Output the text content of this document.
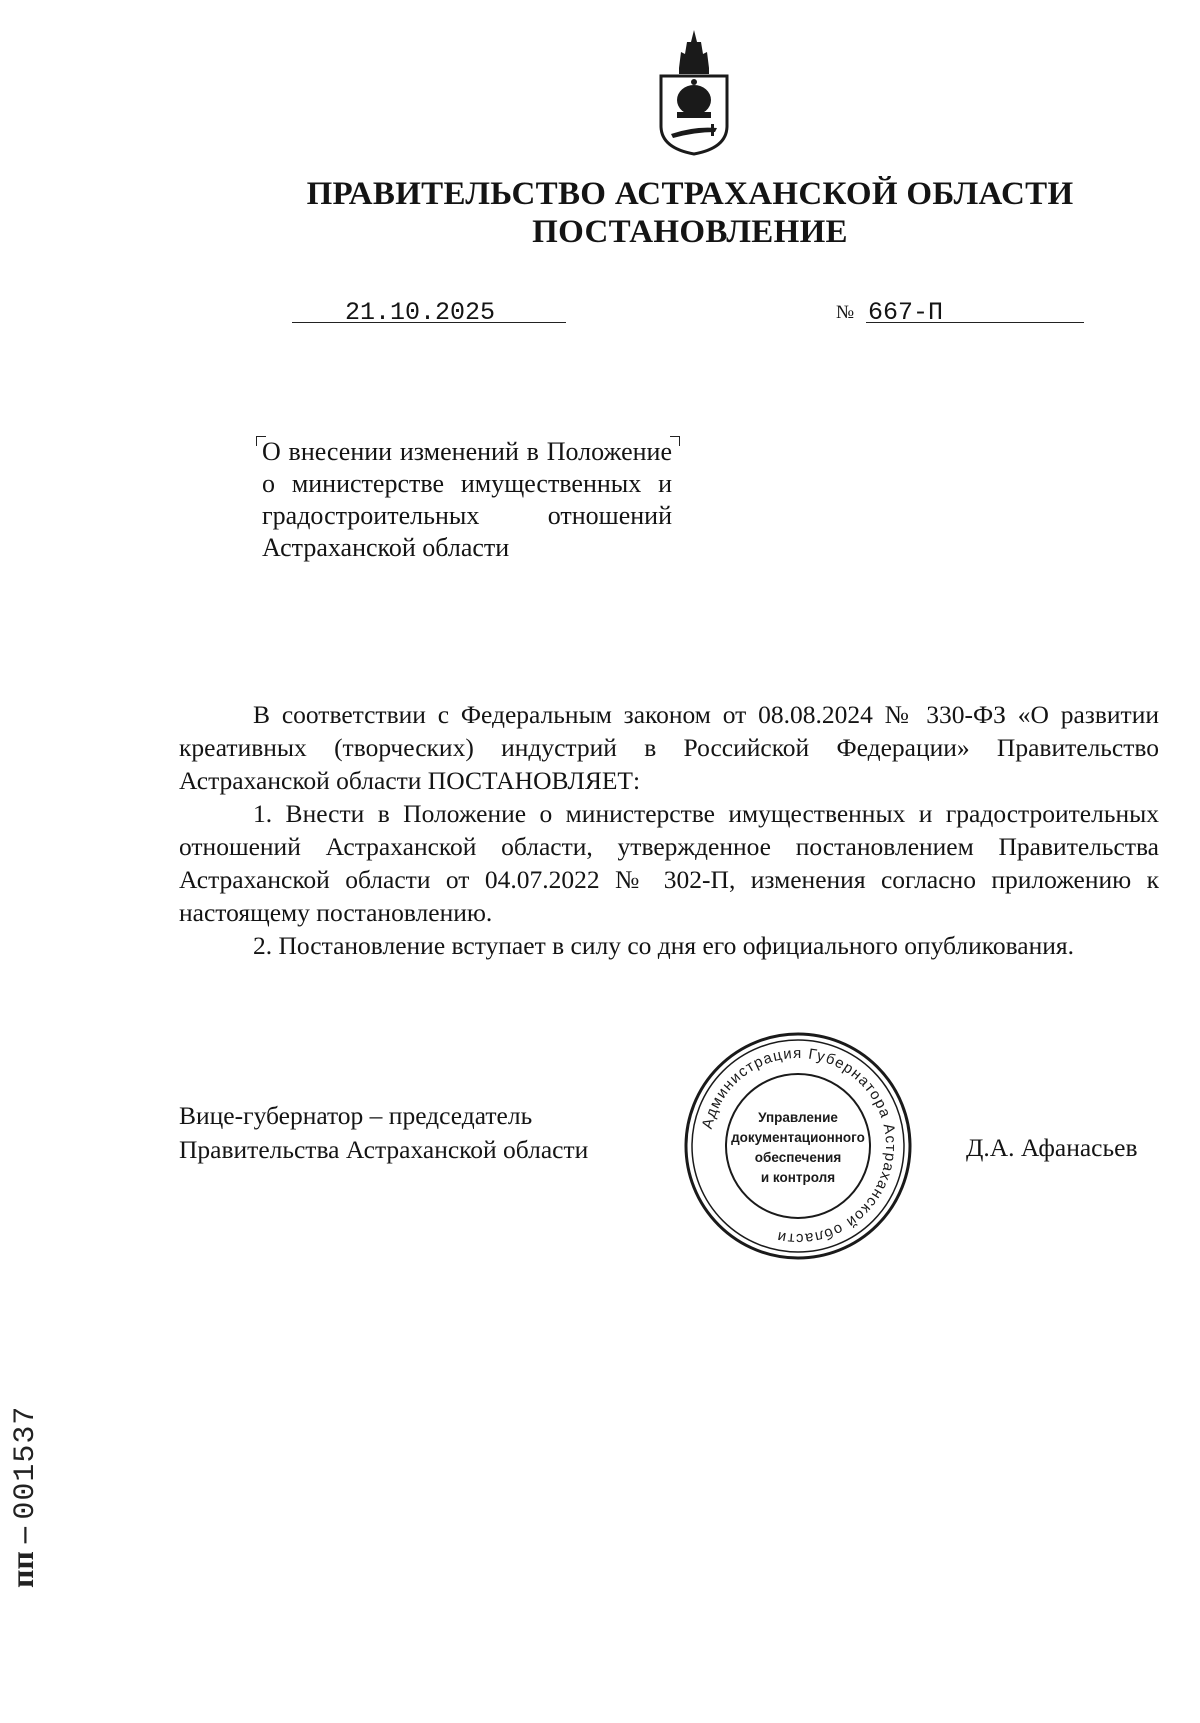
ПРАВИТЕЛЬСТВО АСТРАХАНСКОЙ ОБЛАСТИ
ПОСТАНОВЛЕНИЕ
21.10.2025	№ 667-П
О внесении изменений в Положение о министерстве имущественных и градостроительных отношений Астраханской области

В соответствии с Федеральным законом от 08.08.2024 № 330-ФЗ «О развитии креативных (творческих) индустрий в Российской Федерации» Правительство Астраханской области ПОСТАНОВЛЯЕТ:

1. Внести в Положение о министерстве имущественных и градостроительных отношений Астраханской области, утвержденное постановлением Правительства Астраханской области от 04.07.2022 № 302-П, изменения согласно приложению к настоящему постановлению.

2. Постановление вступает в силу со дня его официального опубликования.

Вице-губернатор – председатель
Правительства Астраханской области	Д.А. Афанасьев
Администрация Губернатора Астраханской области
Управление
документационного
обеспечения
и контроля
пп – 001537
